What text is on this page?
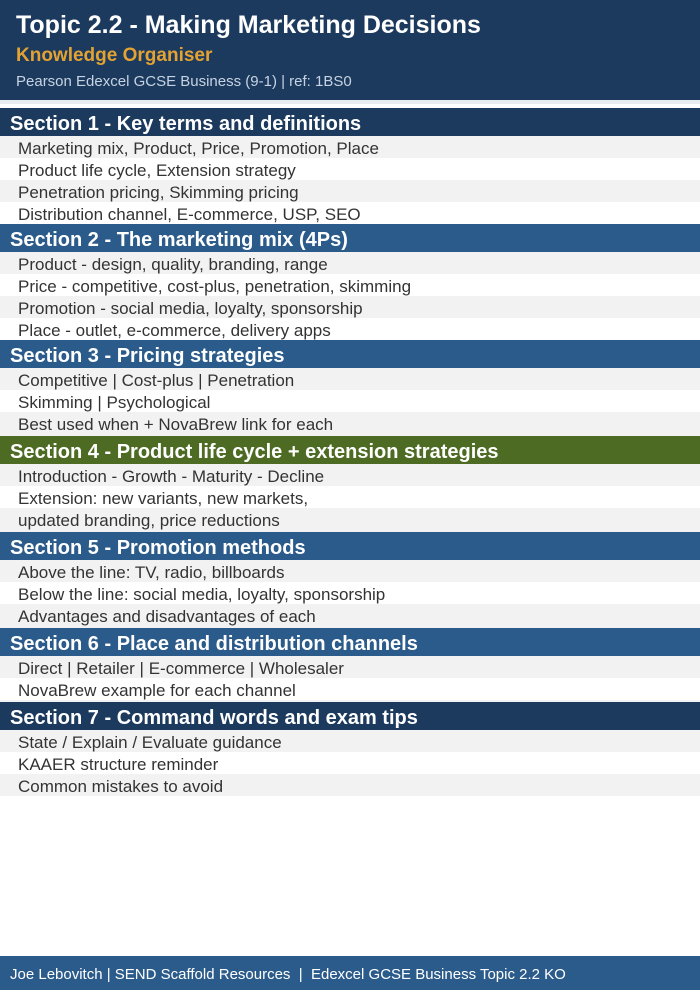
Topic 2.2 - Making Marketing Decisions
Knowledge Organiser
Pearson Edexcel GCSE Business (9-1) | ref: 1BS0
Section 1 - Key terms and definitions
Marketing mix, Product, Price, Promotion, Place
Product life cycle, Extension strategy
Penetration pricing, Skimming pricing
Distribution channel, E-commerce, USP, SEO
Section 2 - The marketing mix (4Ps)
Product - design, quality, branding, range
Price - competitive, cost-plus, penetration, skimming
Promotion - social media, loyalty, sponsorship
Place - outlet, e-commerce, delivery apps
Section 3 - Pricing strategies
Competitive | Cost-plus | Penetration
Skimming | Psychological
Best used when + NovaBrew link for each
Section 4 - Product life cycle + extension strategies
Introduction - Growth - Maturity - Decline
Extension: new variants, new markets,
updated branding, price reductions
Section 5 - Promotion methods
Above the line: TV, radio, billboards
Below the line: social media, loyalty, sponsorship
Advantages and disadvantages of each
Section 6 - Place and distribution channels
Direct | Retailer | E-commerce | Wholesaler
NovaBrew example for each channel
Section 7 - Command words and exam tips
State / Explain / Evaluate guidance
KAAER structure reminder
Common mistakes to avoid
Joe Lebovitch | SEND Scaffold Resources  |  Edexcel GCSE Business Topic 2.2 KO
